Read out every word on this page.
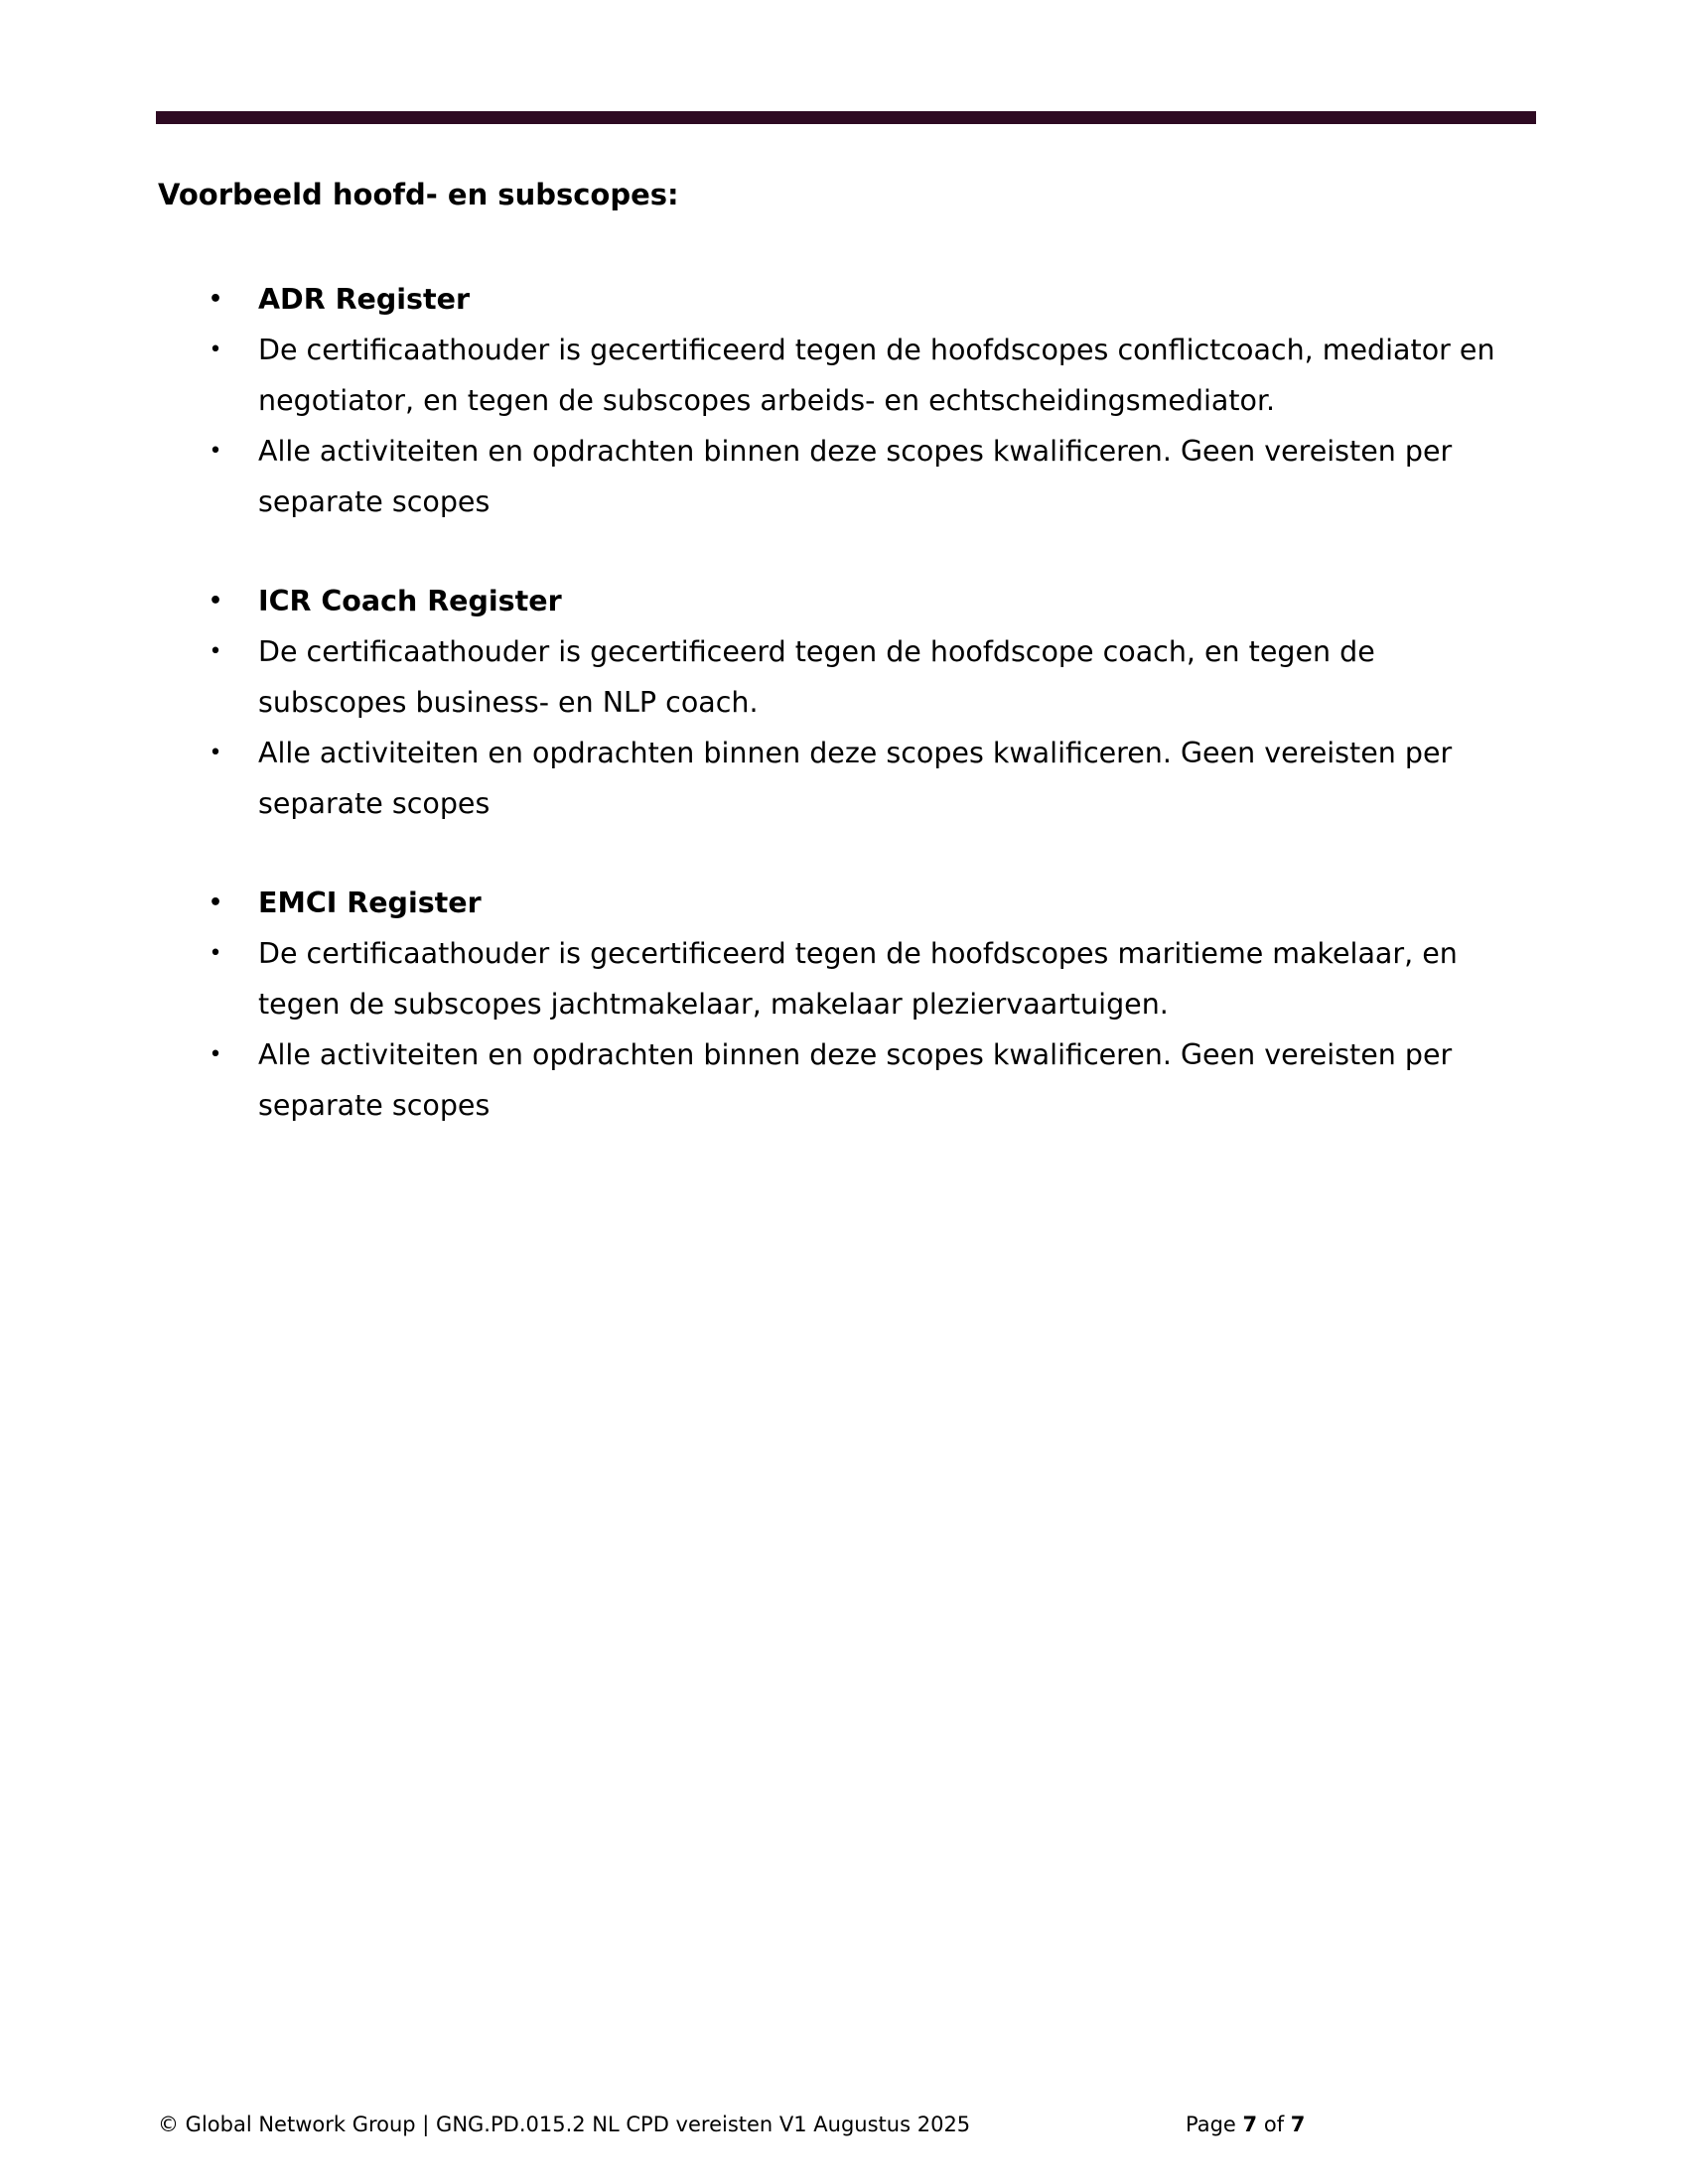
Voorbeeld hoofd- en subscopes:
• ADR Register
• De certificaathouder is gecertificeerd tegen de hoofdscopes conflictcoach, mediator en negotiator, en tegen de subscopes arbeids- en echtscheidingsmediator.
• Alle activiteiten en opdrachten binnen deze scopes kwalificeren. Geen vereisten per separate scopes
• ICR Coach Register
• De certificaathouder is gecertificeerd tegen de hoofdscope coach, en tegen de subscopes business- en NLP coach.
• Alle activiteiten en opdrachten binnen deze scopes kwalificeren. Geen vereisten per separate scopes
• EMCI Register
• De certificaathouder is gecertificeerd tegen de hoofdscopes maritieme makelaar, en tegen de subscopes jachtmakelaar, makelaar pleziervaartuigen.
• Alle activiteiten en opdrachten binnen deze scopes kwalificeren. Geen vereisten per separate scopes
© Global Network Group | GNG.PD.015.2 NL CPD vereisten V1 Augustus 2025	Page 7 of 7
